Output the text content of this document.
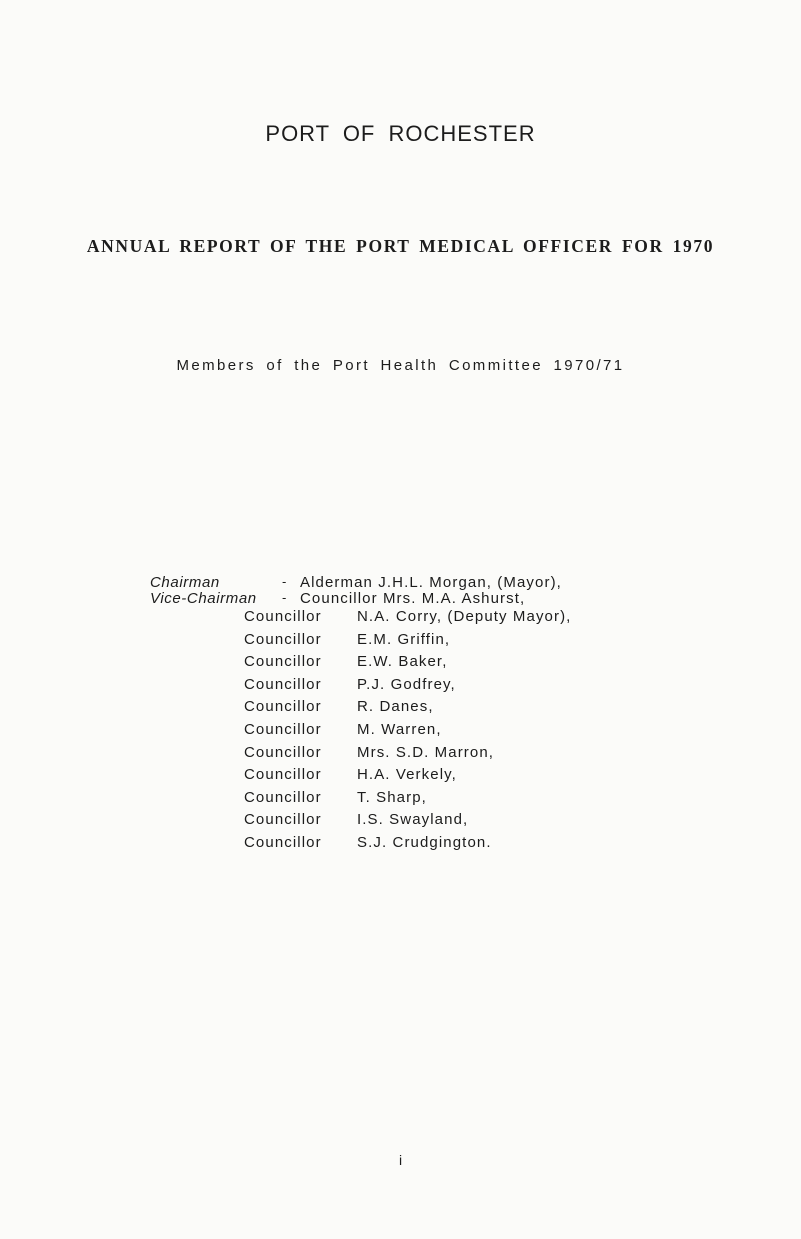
PORT OF ROCHESTER
ANNUAL REPORT OF THE PORT MEDICAL OFFICER FOR 1970
Members of the Port Health Committee 1970/71
Chairman	- Alderman J.H.L. Morgan, (Mayor),
Vice-Chairman - Councillor Mrs. M.A. Ashurst,
Councillor N.A. Corry, (Deputy Mayor),
Councillor E.M. Griffin,
Councillor E.W. Baker,
Councillor P.J. Godfrey,
Councillor R. Danes,
Councillor M. Warren,
Councillor Mrs. S.D. Marron,
Councillor H.A. Verkely,
Councillor T. Sharp,
Councillor I.S. Swayland,
Councillor S.J. Crudgington.
i
